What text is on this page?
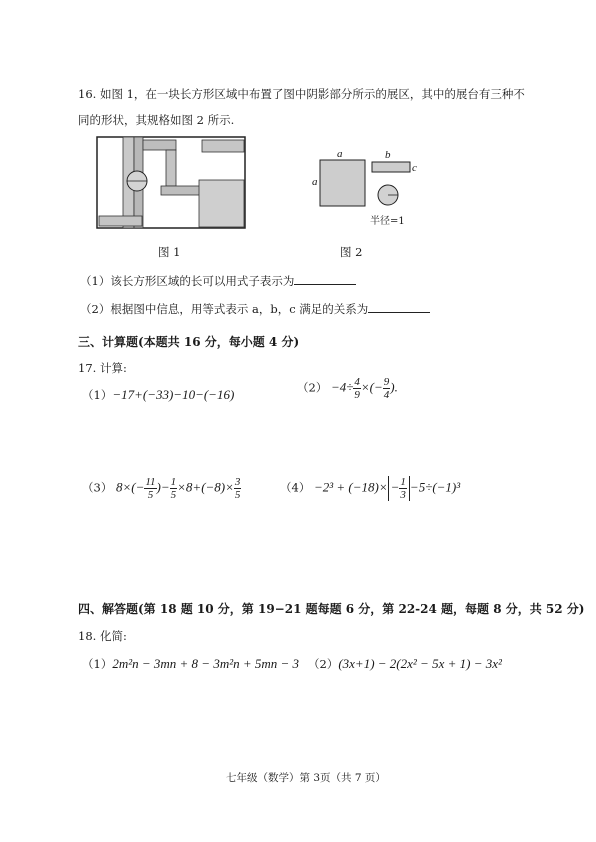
16. 如图 1，在一块长方形区域中布置了图中阴影部分所示的展区，其中的展台有三种不
同的形状，其规格如图 2 所示.
图 1
a
a
b
c
半径=1
图 2
（1）该长方形区域的长可以用式子表示为
（2）根据图中信息，用等式表示 a，b，c 满足的关系为
三、计算题(本题共 16 分，每小题 4 分)
17. 计算:
（1）−17+(−33)−10−(−16)	$(2) -4\div \frac{4}{9}$ ×(− $\frac{9}{4}$ ).
（3） $8\times(- \frac{11}{5}$ )− $\frac{1}{5} \times 8+(-8)\times \frac{3}{5}$	$(4) -2^3 + (-18)\times - \frac{1}{3} -5\div(-1)^3$
四、解答题(第 18 题 10 分，第 19−21 题每题 6 分，第 22-24 题，每题 8 分，共 52 分)
18. 化简:
（1）2m²n − 3mn + 8 − 3m²n + 5mn − 3 （2）(3x+1) − 2(2x² − 5x + 1) − 3x²
七年级（数学）第 3页（共 7 页）
